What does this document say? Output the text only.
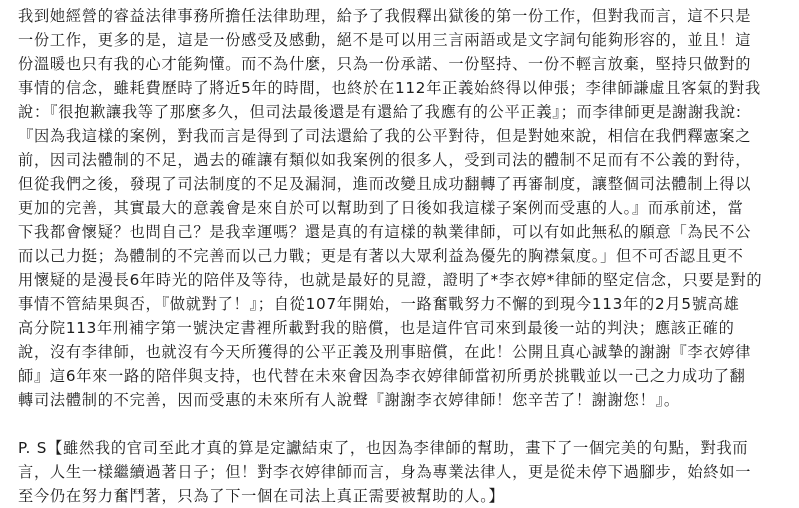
我到她經營的睿益法律事務所擔任法律助理，給予了我假釋出獄後的第一份工作，但對我而言，這不只是
一份工作，更多的是，這是一份感受及感動，絕不是可以用三言兩語或是文字詞句能夠形容的，並且！這
份溫暖也只有我的心才能夠懂。而不為什麼，只為一份承諾、一份堅持、一份不輕言放棄，堅持只做對的
事情的信念，雖耗費歷時了將近5年的時間，也終於在112年正義始終得以伸張；李律師謙虛且客氣的對我
說：『很抱歉讓我等了那麼多久，但司法最後還是有還給了我應有的公平正義』；而李律師更是謝謝我說:
『因為我這樣的案例，對我而言是得到了司法還給了我的公平對待，但是對她來說，相信在我們釋憲案之
前，因司法體制的不足，過去的確讓有類似如我案例的很多人，受到司法的體制不足而有不公義的對待，
但從我們之後，發現了司法制度的不足及漏洞，進而改變且成功翻轉了再審制度，讓整個司法體制上得以
更加的完善，其實最大的意義會是來自於可以幫助到了日後如我這樣子案例而受惠的人。』而承前述，當
下我都會懷疑？也問自己？是我幸運嗎？還是真的有這樣的執業律師，可以有如此無私的願意「為民不公
而以己力挺；為體制的不完善而以己力戰；更是有著以大眾利益為優先的胸襟氣度。」但不可否認且更不
用懷疑的是漫長6年時光的陪伴及等待，也就是最好的見證，證明了*李衣婷*律師的堅定信念，只要是對的
事情不管結果與否，『做就對了！』；自從107年開始，一路奮戰努力不懈的到現今113年的2月5號高雄
高分院113年刑補字第一號決定書裡所載對我的賠償，也是這件官司來到最後一站的判決；應該正確的
說，沒有李律師，也就沒有今天所獲得的公平正義及刑事賠償，在此！公開且真心誠摯的謝謝『李衣婷律
師』這6年來一路的陪伴與支持，也代替在未來會因為李衣婷律師當初所勇於挑戰並以一己之力成功了翻
轉司法體制的不完善，因而受惠的未來所有人說聲『謝謝李衣婷律師！您辛苦了！謝謝您！』。

P. S【雖然我的官司至此才真的算是定讞結束了，也因為李律師的幫助，畫下了一個完美的句點，對我而
言，人生一樣繼續過著日子；但！對李衣婷律師而言，身為專業法律人，更是從未停下過腳步，始終如一
至今仍在努力奮鬥著，只為了下一個在司法上真正需要被幫助的人。】
